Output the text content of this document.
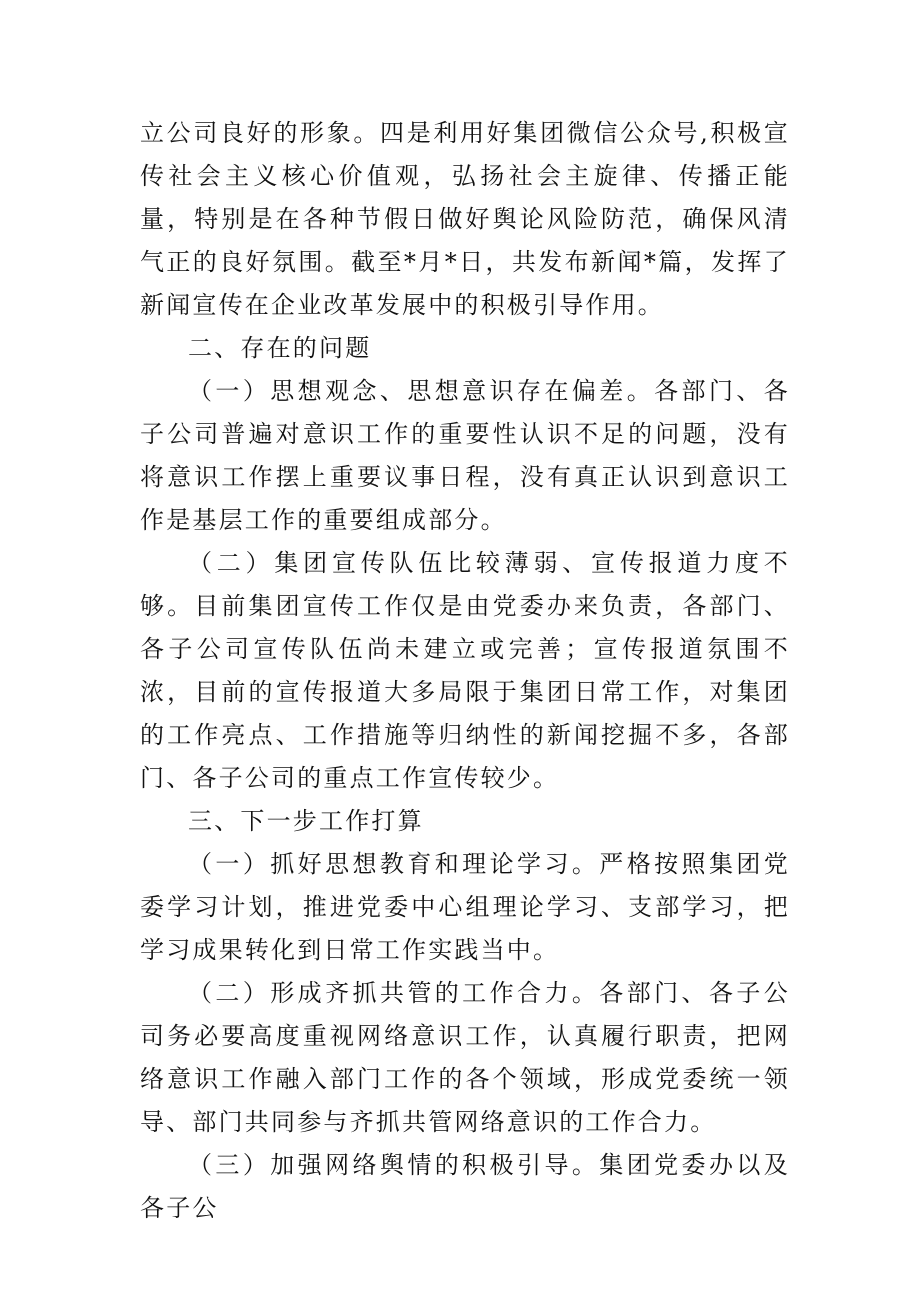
立公司良好的形象。四是利用好集团微信公众号,积极宣传社会主义核心价值观，弘扬社会主旋律、传播正能量，特别是在各种节假日做好舆论风险防范，确保风清气正的良好氛围。截至*月*日，共发布新闻*篇，发挥了新闻宣传在企业改革发展中的积极引导作用。

二、存在的问题

（一）思想观念、思想意识存在偏差。各部门、各子公司普遍对意识工作的重要性认识不足的问题，没有将意识工作摆上重要议事日程，没有真正认识到意识工作是基层工作的重要组成部分。

（二）集团宣传队伍比较薄弱、宣传报道力度不够。目前集团宣传工作仅是由党委办来负责，各部门、各子公司宣传队伍尚未建立或完善；宣传报道氛围不浓，目前的宣传报道大多局限于集团日常工作，对集团的工作亮点、工作措施等归纳性的新闻挖掘不多，各部门、各子公司的重点工作宣传较少。

三、下一步工作打算

（一）抓好思想教育和理论学习。严格按照集团党委学习计划，推进党委中心组理论学习、支部学习，把学习成果转化到日常工作实践当中。

（二）形成齐抓共管的工作合力。各部门、各子公司务必要高度重视网络意识工作，认真履行职责，把网络意识工作融入部门工作的各个领域，形成党委统一领导、部门共同参与齐抓共管网络意识的工作合力。

（三）加强网络舆情的积极引导。集团党委办以及各子公
